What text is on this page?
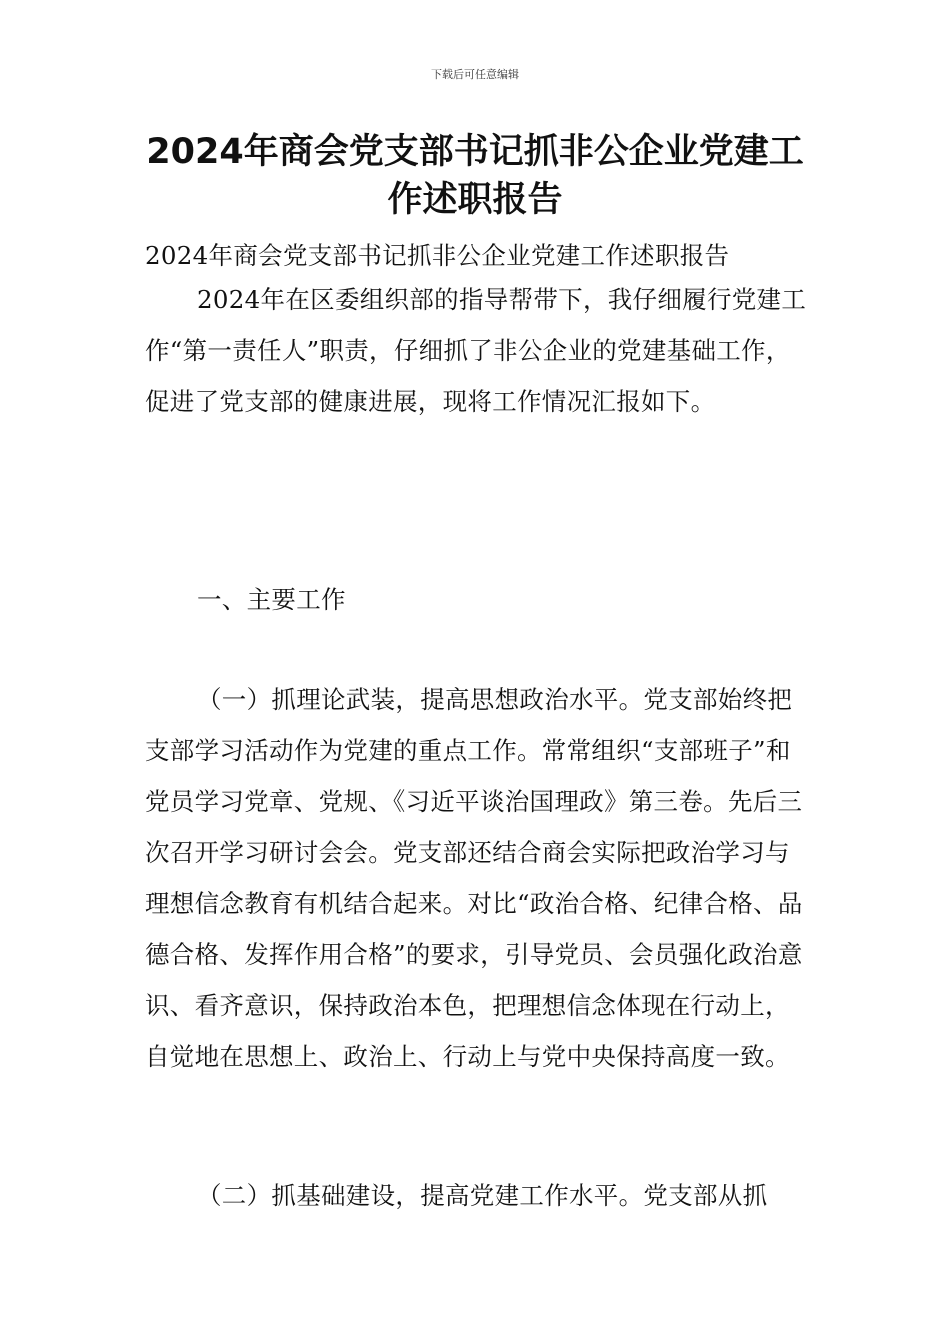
下载后可任意编辑
2024年商会党支部书记抓非公企业党建工作述职报告

2024年商会党支部书记抓非公企业党建工作述职报告

2024年在区委组织部的指导帮带下，我仔细履行党建工作“第一责任人”职责，仔细抓了非公企业的党建基础工作，促进了党支部的健康进展，现将工作情况汇报如下。

一、主要工作

（一）抓理论武装，提高思想政治水平。党支部始终把支部学习活动作为党建的重点工作。常常组织“支部班子”和党员学习党章、党规、《习近平谈治国理政》第三卷。先后三次召开学习研讨会会。党支部还结合商会实际把政治学习与理想信念教育有机结合起来。对比“政治合格、纪律合格、品德合格、发挥作用合格”的要求，引导党员、会员强化政治意识、看齐意识，保持政治本色，把理想信念体现在行动上，自觉地在思想上、政治上、行动上与党中央保持高度一致。

（二）抓基础建设，提高党建工作水平。党支部从抓
